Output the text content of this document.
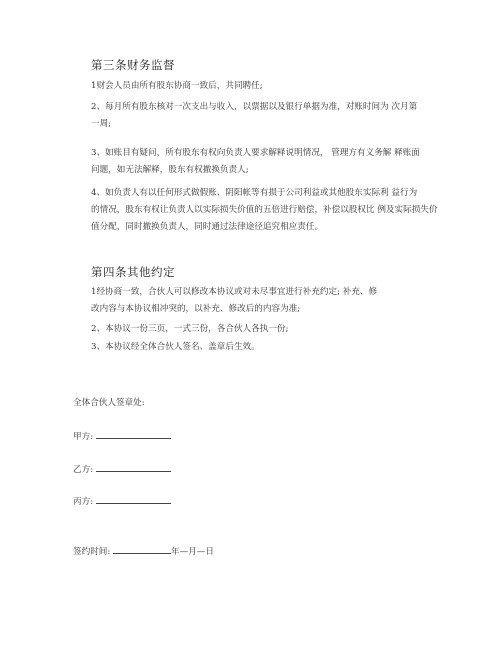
第三条财务监督
1财会人员由所有股东协商一致后，共同聘任;
2、每月所有股东核对一次支出与收入，以票据以及银行单据为准，对账时间为 次月第
一周;
3、如账目有疑问，所有股东有权向负责人要求解释说明情况， 管理方有义务解 释账面
问题，如无法解释，股东有权撤换负责人;
4、如负责人有以任何形式做假账、阴阳帐等有损于公司利益或其他股东实际利 益行为
的情况，股东有权让负责人以实际损失价值的五倍进行赔偿，补偿以股权比 例及实际损失价
值分配，同时撤换负责人，同时通过法律途径追究相应责任。
第四条其他约定
1经协商一致，合伙人可以修改本协议或对未尽事宜进行补充约定; 补充、修
改内容与本协议相冲突的，以补充、修改后的内容为准;
2、本协议一份三页，一式三份，各合伙人各执一份;
3、本协议经全体合伙人签名、盖章后生效。
全体合伙人签章处:
甲方:
乙方:
丙方:
签约时间:	年—月—日
